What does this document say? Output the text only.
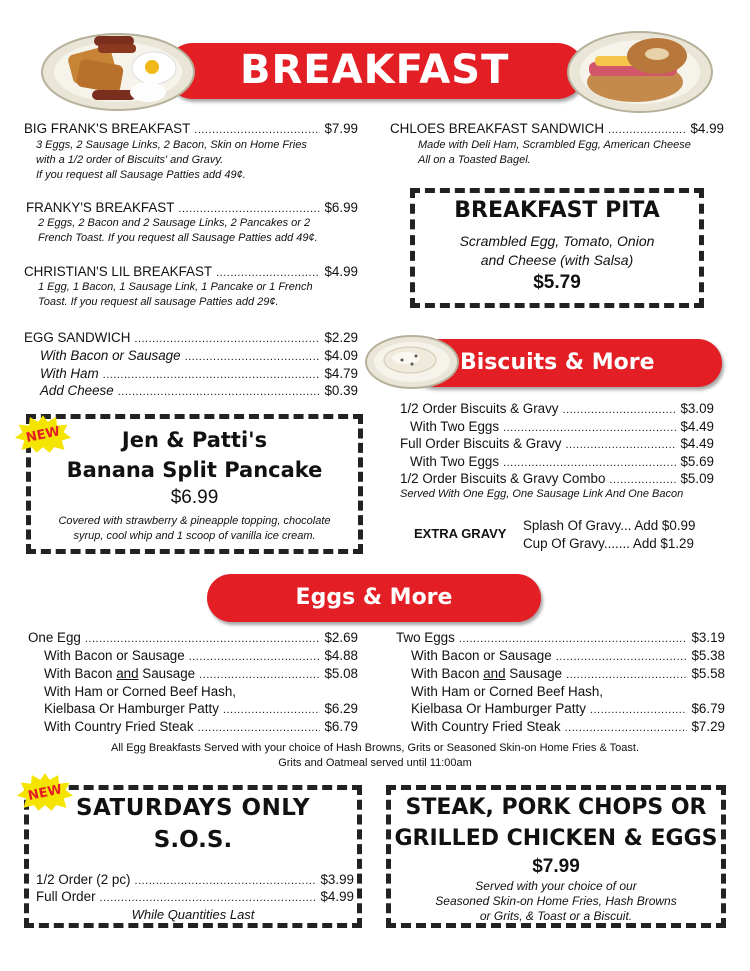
BREAKFAST
BIG FRANK'S BREAKFAST .....	$7.99
3 Eggs, 2 Sausage Links, 2 Bacon, Skin on Home Fries
with a 1/2 order of Biscuits' and Gravy.
If you request all Sausage Patties add 49¢.
FRANKY'S BREAKFAST .....	$6.99
2 Eggs, 2 Bacon and 2 Sausage Links, 2 Pancakes or 2
French Toast. If you request all Sausage Patties add 49¢.
CHRISTIAN'S LIL BREAKFAST .....	$4.99
1 Egg, 1 Bacon, 1 Sausage Link, 1 Pancake or 1 French
Toast. If you request all sausage Patties add 29¢.
EGG SANDWICH .....	$2.29
With Bacon or Sausage .....	$4.09
With Ham .....	$4.79
Add Cheese .....	$0.39
NEW	Jen & Patti's
Banana Split Pancake
$6.99
Covered with strawberry & pineapple topping, chocolate
syrup, cool whip and 1 scoop of vanilla ice cream.
CHLOES BREAKFAST SANDWICH .....	$4.99
Made with Deli Ham, Scrambled Egg, American Cheese
All on a Toasted Bagel.
BREAKFAST PITA
Scrambled Egg, Tomato, Onion
and Cheese (with Salsa)
$5.79
Biscuits & More
1/2 Order Biscuits & Gravy .....	$3.09
With Two Eggs .....	$4.49
Full Order Biscuits & Gravy .....	$4.49
With Two Eggs .....	$5.69
1/2 Order Biscuits & Gravy Combo .....	$5.09
Served With One Egg, One Sausage Link And One Bacon
EXTRA GRAVY
Splash Of Gravy... Add $0.99
Cup Of Gravy....... Add $1.29
Eggs & More
One Egg .....	$2.69
With Bacon or Sausage .....	$4.88
With Bacon and Sausage .....	$5.08
With Ham or Corned Beef Hash,
Kielbasa Or Hamburger Patty .....	$6.29
With Country Fried Steak .....	$6.79
Two Eggs .....	$3.19
With Bacon or Sausage .....	$5.38
With Bacon and Sausage .....	$5.58
With Ham or Corned Beef Hash,
Kielbasa Or Hamburger Patty .....	$6.79
With Country Fried Steak .....	$7.29
All Egg Breakfasts Served with your choice of Hash Browns, Grits or Seasoned Skin-on Home Fries & Toast.
Grits and Oatmeal served until 11:00am
NEW
SATURDAYS ONLY
S.O.S.
1/2 Order (2 pc) .....	$3.99
Full Order .....	$4.99
While Quantities Last
STEAK, PORK CHOPS OR
GRILLED CHICKEN & EGGS
$7.99
Served with your choice of our
Seasoned Skin-on Home Fries, Hash Browns
or Grits, & Toast or a Biscuit.
